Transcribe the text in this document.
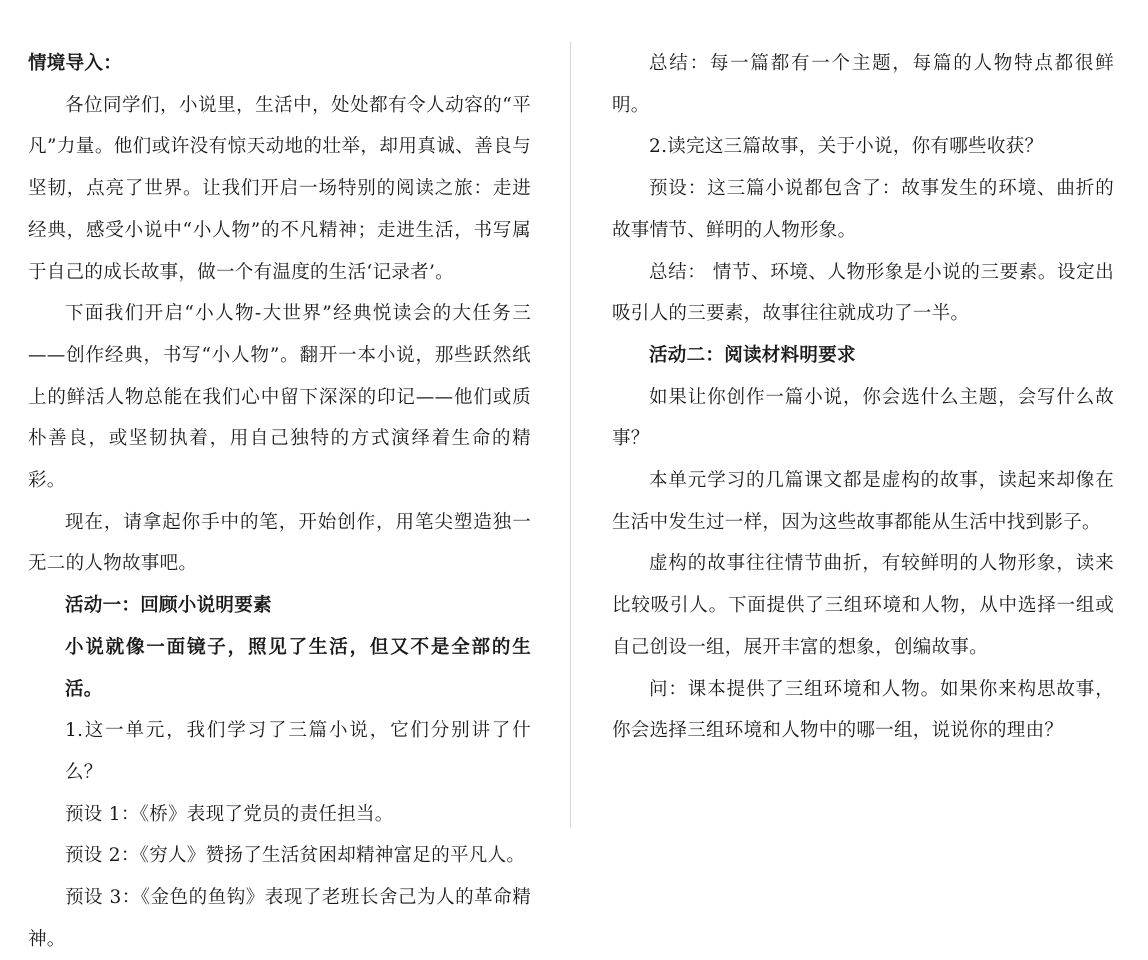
情境导入：

各位同学们，小说里，生活中，处处都有令人动容的“平凡”力量。他们或许没有惊天动地的壮举，却用真诚、善良与坚韧，点亮了世界。让我们开启一场特别的阅读之旅：走进经典，感受小说中“小人物”的不凡精神；走进生活，书写属于自己的成长故事，做一个有温度的生活‘记录者’。

下面我们开启“小人物-大世界”经典悦读会的大任务三——创作经典，书写“小人物”。翻开一本小说，那些跃然纸上的鲜活人物总能在我们心中留下深深的印记——他们或质朴善良，或坚韧执着，用自己独特的方式演绎着生命的精彩。

现在，请拿起你手中的笔，开始创作，用笔尖塑造独一无二的人物故事吧。

活动一：回顾小说明要素

小说就像一面镜子，照见了生活，但又不是全部的生活。

1.这一单元，我们学习了三篇小说，它们分别讲了什么？

预设 1：《桥》表现了党员的责任担当。

预设 2：《穷人》赞扬了生活贫困却精神富足的平凡人。

预设 3：《金色的鱼钩》表现了老班长舍己为人的革命精神。

总结：每一篇都有一个主题，每篇的人物特点都很鲜明。

2.读完这三篇故事，关于小说，你有哪些收获？

预设：这三篇小说都包含了：故事发生的环境、曲折的故事情节、鲜明的人物形象。

总结： 情节、环境、人物形象是小说的三要素。设定出吸引人的三要素，故事往往就成功了一半。

活动二：阅读材料明要求

如果让你创作一篇小说，你会选什么主题，会写什么故事？

本单元学习的几篇课文都是虚构的故事，读起来却像在生活中发生过一样，因为这些故事都能从生活中找到影子。

虚构的故事往往情节曲折，有较鲜明的人物形象，读来比较吸引人。下面提供了三组环境和人物，从中选择一组或自己创设一组，展开丰富的想象，创编故事。

问：课本提供了三组环境和人物。如果你来构思故事，你会选择三组环境和人物中的哪一组，说说你的理由？
